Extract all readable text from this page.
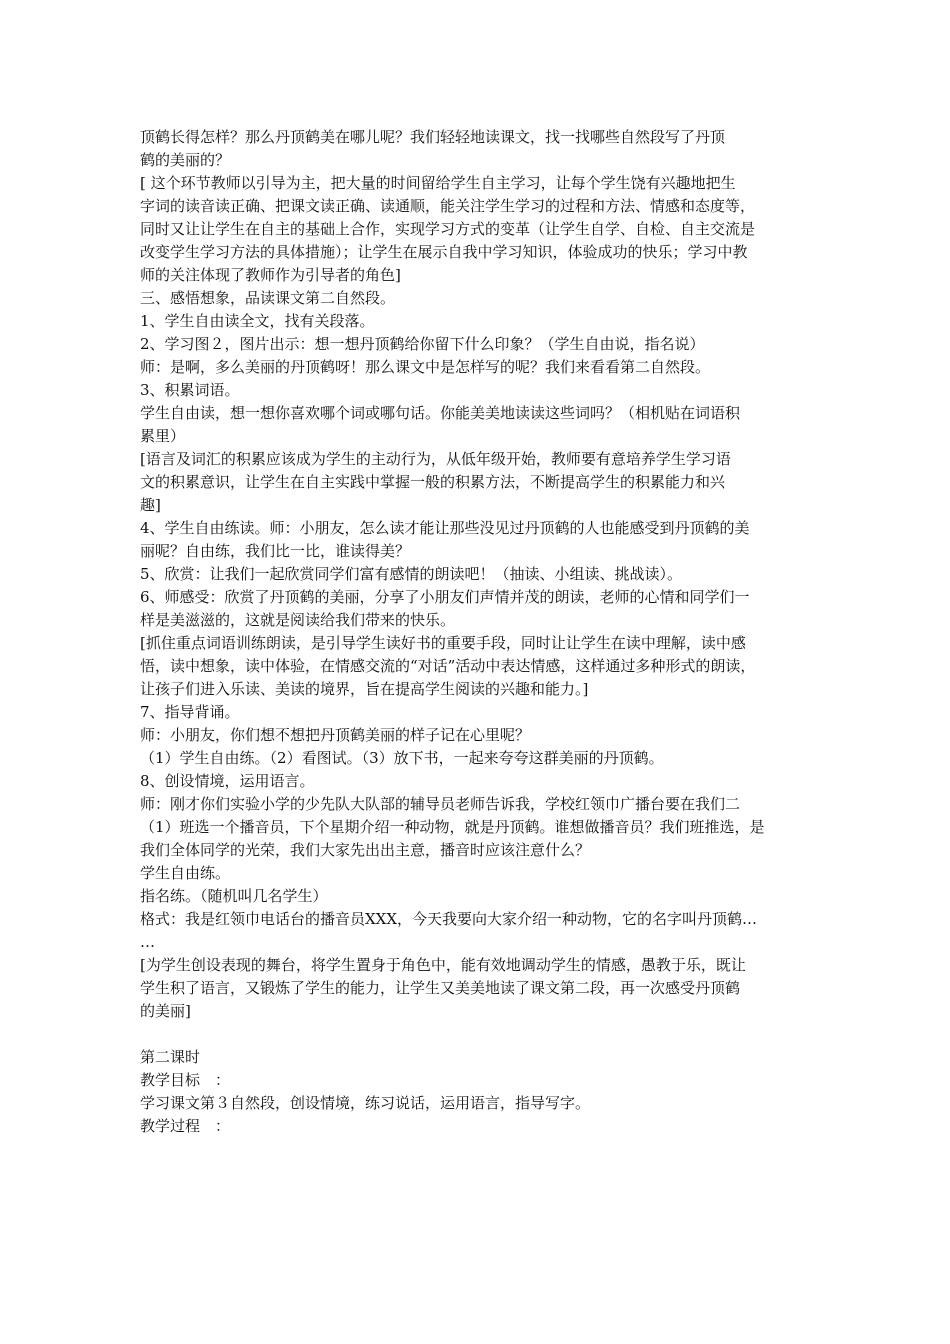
顶鹤长得怎样？那么丹顶鹤美在哪儿呢？我们轻轻地读课文，找一找哪些自然段写了丹顶
鹤的美丽的？
[ 这个环节教师以引导为主，把大量的时间留给学生自主学习，让每个学生饶有兴趣地把生
字词的读音读正确、把课文读正确、读通顺，能关注学生学习的过程和方法、情感和态度等，
同时又让让学生在自主的基础上合作，实现学习方式的变革（让学生自学、自检、自主交流是
改变学生学习方法的具体措施）；让学生在展示自我中学习知识，体验成功的快乐；学习中教
师的关注体现了教师作为引导者的角色]
三、感悟想象，品读课文第二自然段。
1、学生自由读全文，找有关段落。
2、学习图２，图片出示：想一想丹顶鹤给你留下什么印象？（学生自由说，指名说）
师：是啊，多么美丽的丹顶鹤呀！那么课文中是怎样写的呢？我们来看看第二自然段。
3、积累词语。
学生自由读，想一想你喜欢哪个词或哪句话。你能美美地读读这些词吗？（相机贴在词语积
累里）
[语言及词汇的积累应该成为学生的主动行为，从低年级开始，教师要有意培养学生学习语
文的积累意识，让学生在自主实践中掌握一般的积累方法，不断提高学生的积累能力和兴
趣]
4、学生自由练读。师：小朋友，怎么读才能让那些没见过丹顶鹤的人也能感受到丹顶鹤的美
丽呢？自由练，我们比一比，谁读得美？
5、欣赏：让我们一起欣赏同学们富有感情的朗读吧！（抽读、小组读、挑战读）。
6、师感受：欣赏了丹顶鹤的美丽，分享了小朋友们声情并茂的朗读，老师的心情和同学们一
样是美滋滋的，这就是阅读给我们带来的快乐。
[抓住重点词语训练朗读，是引导学生读好书的重要手段，同时让让学生在读中理解，读中感
悟，读中想象，读中体验，在情感交流的“对话”活动中表达情感，这样通过多种形式的朗读，
让孩子们进入乐读、美读的境界，旨在提高学生阅读的兴趣和能力。]
7、指导背诵。
师：小朋友，你们想不想把丹顶鹤美丽的样子记在心里呢？
（1）学生自由练。（2）看图试。（3）放下书，一起来夸夸这群美丽的丹顶鹤。
8、创设情境，运用语言。
师：刚才你们实验小学的少先队大队部的辅导员老师告诉我，学校红领巾广播台要在我们二
（1）班选一个播音员，下个星期介绍一种动物，就是丹顶鹤。谁想做播音员？我们班推选，是
我们全体同学的光荣，我们大家先出出主意，播音时应该注意什么？
学生自由练。
指名练。（随机叫几名学生）
格式：我是红领巾电话台的播音员XXX，今天我要向大家介绍一种动物，它的名字叫丹顶鹤…
…
[为学生创设表现的舞台，将学生置身于角色中，能有效地调动学生的情感，愚教于乐，既让
学生积了语言，又锻炼了学生的能力，让学生又美美地读了课文第二段，再一次感受丹顶鹤
的美丽]
第二课时
教学目标　：
学习课文第３自然段，创设情境，练习说话，运用语言，指导写字。
教学过程　：
